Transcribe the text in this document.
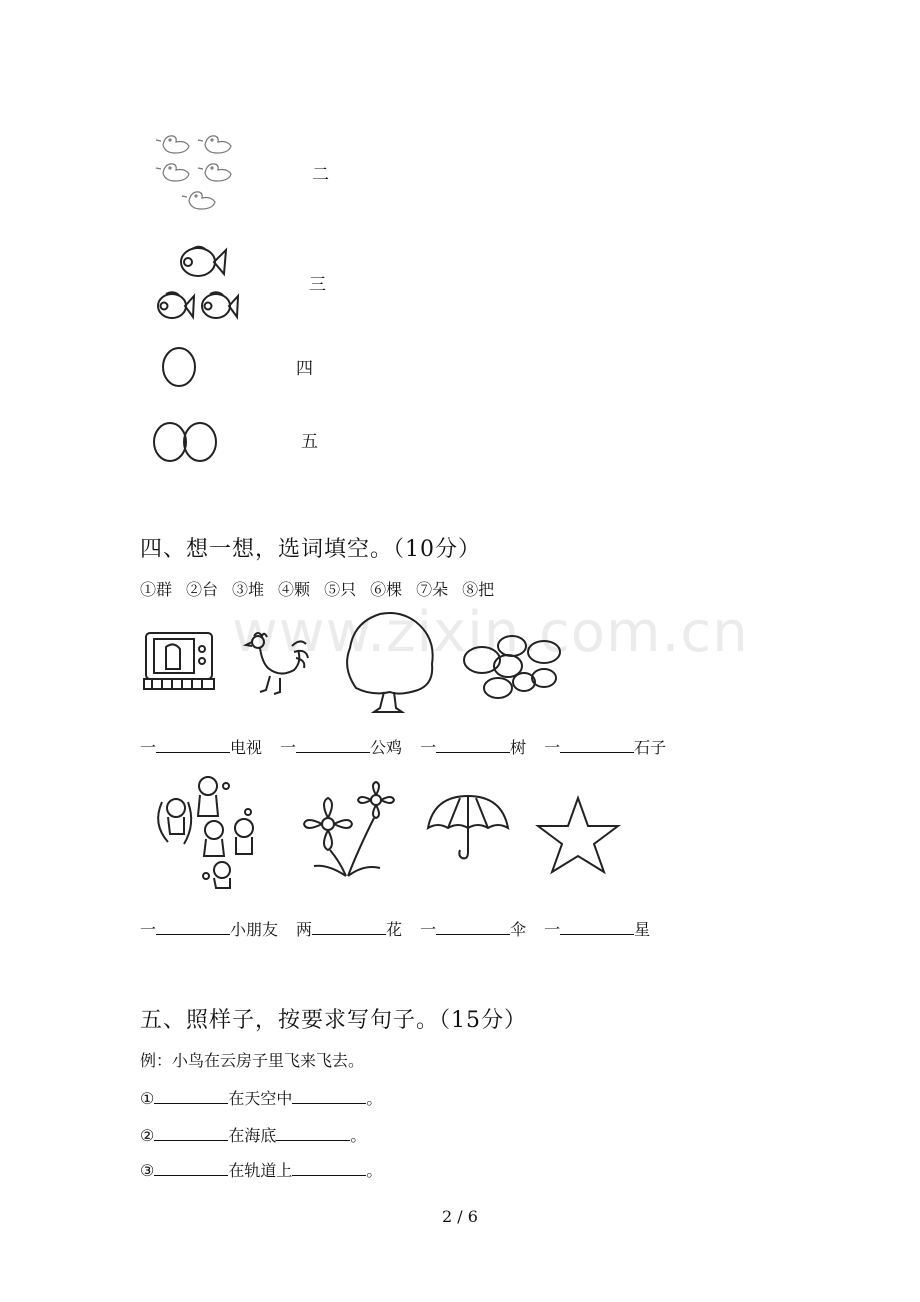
www.zixin.com.cn
二
三
四
五
四、想一想，选词填空。（10分）
①群 ②台 ③堆 ④颗 ⑤只 ⑥棵 ⑦朵 ⑧把
一	电视 一	公鸡 一	树 一	石子
一	小朋友 两	花 一	伞 一	星
五、照样子，按要求写句子。（15分）
例：小鸟在云房子里飞来飞去。
①	在天空中	。
②	在海底	。
③	在轨道上	。
2 / 6
